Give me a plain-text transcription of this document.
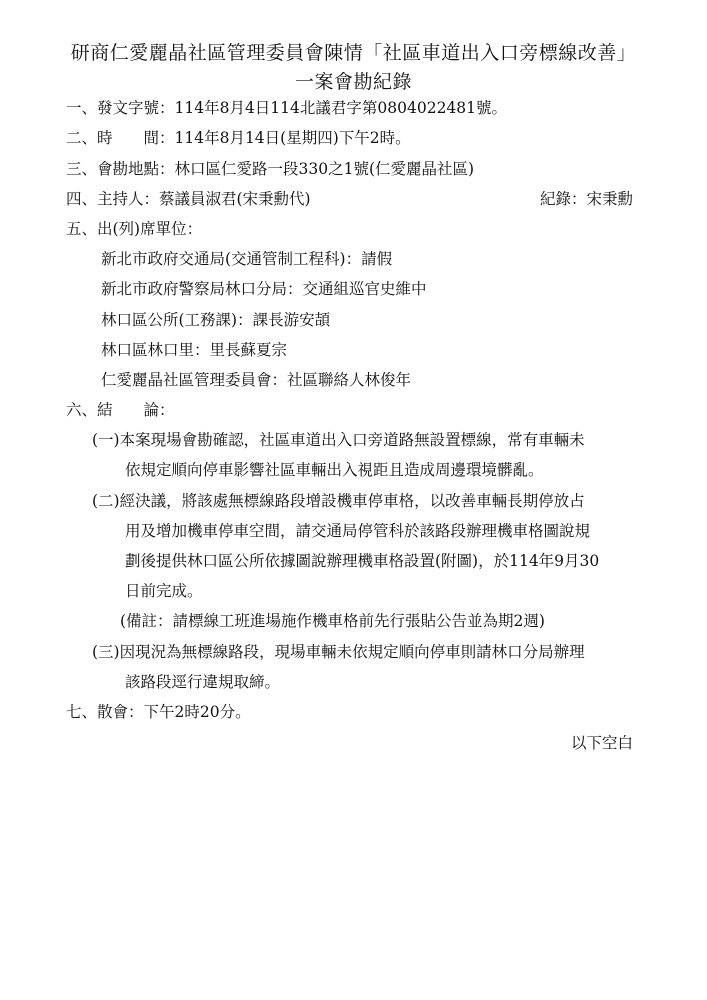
研商仁愛麗晶社區管理委員會陳情「社區車道出入口旁標線改善」
一案會勘紀錄
一、發文字號：114年8月4日114北議君字第0804022481號。
二、時　　間：114年8月14日(星期四)下午2時。
三、會勘地點：林口區仁愛路一段330之1號(仁愛麗晶社區)
四、主持人：蔡議員淑君(宋秉勳代)	紀錄：宋秉勳
五、出(列)席單位：
新北市政府交通局(交通管制工程科)：請假
新北市政府警察局林口分局：交通組巡官史維中
林口區公所(工務課)：課長游安頡
林口區林口里：里長蘇夏宗
仁愛麗晶社區管理委員會：社區聯絡人林俊年
六、結　　論：
(一)本案現場會勘確認，社區車道出入口旁道路無設置標線，常有車輛未
依規定順向停車影響社區車輛出入視距且造成周邊環境髒亂。
(二)經決議，將該處無標線路段增設機車停車格，以改善車輛長期停放占
用及增加機車停車空間，請交通局停管科於該路段辦理機車格圖說規
劃後提供林口區公所依據圖說辦理機車格設置(附圖)，於114年9月30
日前完成。
(備註：請標線工班進場施作機車格前先行張貼公告並為期2週)
(三)因現況為無標線路段，現場車輛未依規定順向停車則請林口分局辦理
該路段逕行違規取締。
七、散會：下午2時20分。
以下空白
